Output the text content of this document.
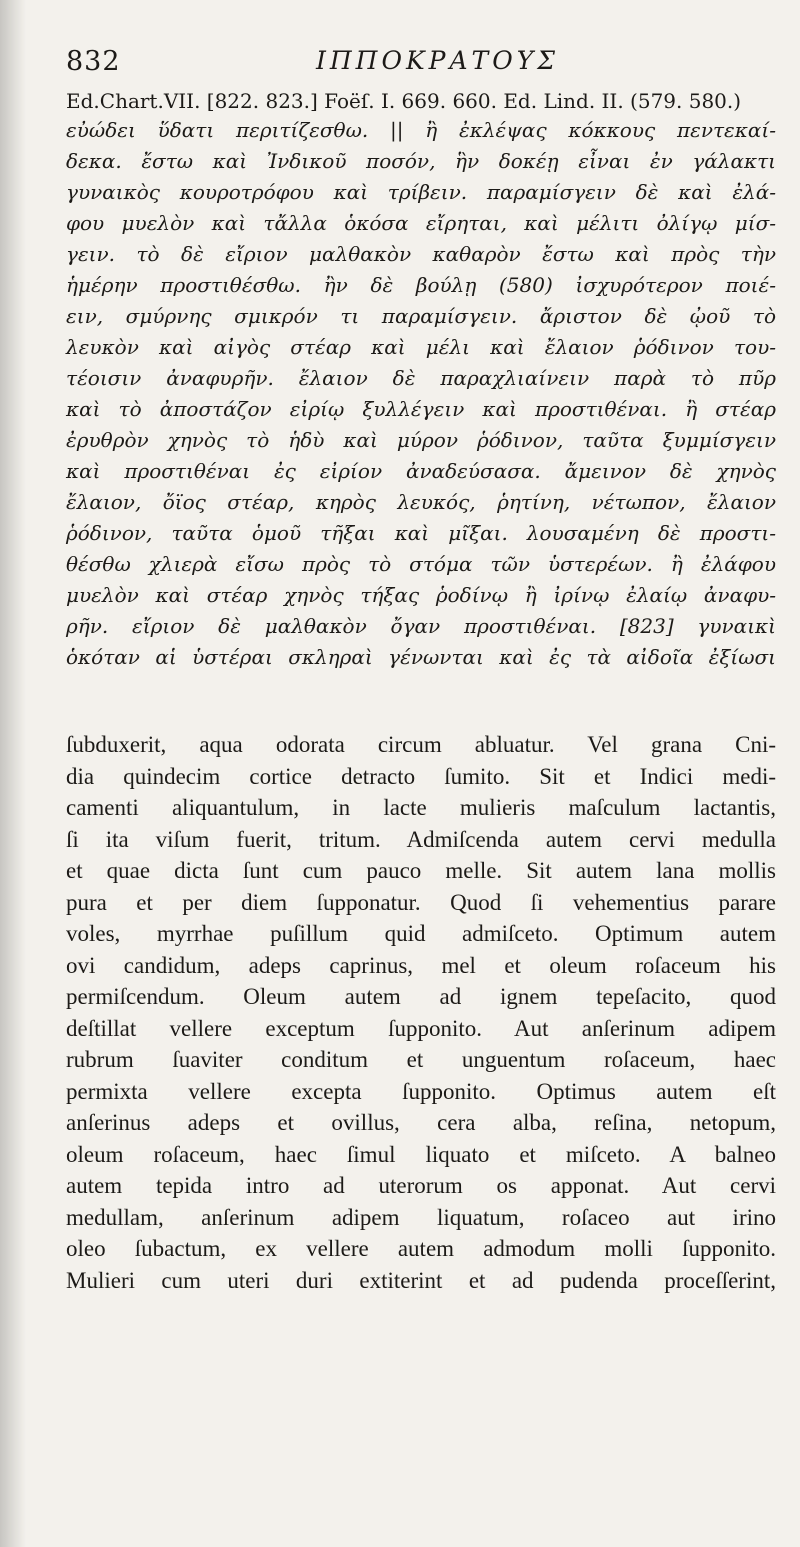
832	ΙΠΠΟΚΡΑΤΟΥΣ
Ed.Chart.VII. [822. 823.] Foëſ. I. 669. 660. Ed. Lind. II. (579. 580.)
εὐώδει ὕδατι περιτίζεσθω. || ἢ ἐκλέψας κόκκους πεντεκαί-
δεκα. ἔστω καὶ Ἰνδικοῦ ποσόν, ἣν δοκέῃ εἶναι ἐν γάλακτι
γυναικὸς κουροτρόφου καὶ τρίβειν. παραμίσγειν δὲ καὶ ἐλά-
φου μυελὸν καὶ τἄλλα ὁκόσα εἴρηται, καὶ μέλιτι ὀλίγῳ μίσ-
γειν. τὸ δὲ εἴριον μαλθακὸν καθαρὸν ἔστω καὶ πρὸς τὴν
ἡμέρην προστιθέσθω. ἢν δὲ βούλῃ (580) ἰσχυρότερον ποιέ-
ειν, σμύρνης σμικρόν τι παραμίσγειν. ἄριστον δὲ ᾠοῦ τὸ
λευκὸν καὶ αἰγὸς στέαρ καὶ μέλι καὶ ἔλαιον ῥόδινον του-
τέοισιν ἀναφυρῆν. ἔλαιον δὲ παραχλιαίνειν παρὰ τὸ πῦρ
καὶ τὸ ἀποστάζον εἰρίῳ ξυλλέγειν καὶ προστιθέναι. ἢ στέαρ
ἐρυθρὸν χηνὸς τὸ ἡδὺ καὶ μύρον ῥόδινον, ταῦτα ξυμμίσγειν
καὶ προστιθέναι ἐς εἰρίον ἀναδεύσασα. ἄμεινον δὲ χηνὸς
ἔλαιον, ὄϊος στέαρ, κηρὸς λευκός, ῥητίνη, νέτωπον, ἔλαιον
ῥόδινον, ταῦτα ὁμοῦ τῆξαι καὶ μῖξαι. λουσαμένη δὲ προστι-
θέσθω χλιερὰ εἴσω πρὸς τὸ στόμα τῶν ὑστερέων. ἢ ἐλάφου
μυελὸν καὶ στέαρ χηνὸς τήξας ῥοδίνῳ ἢ ἰρίνῳ ἐλαίῳ ἀναφυ-
ρῆν. εἴριον δὲ μαλθακὸν ὄγαν προστιθέναι. [823] γυναικὶ
ὁκόταν αἱ ὑστέραι σκληραὶ γένωνται καὶ ἐς τὰ αἰδοῖα ἐξίωσι
ſubduxerit, aqua odorata circum abluatur. Vel grana Cni-
dia quindecim cortice detracto ſumito. Sit et Indici medi-
camenti aliquantulum, in lacte mulieris maſculum lactantis,
ſi ita viſum fuerit, tritum. Admiſcenda autem cervi medulla
et quae dicta ſunt cum pauco melle. Sit autem lana mollis
pura et per diem ſupponatur. Quod ſi vehementius parare
voles, myrrhae puſillum quid admiſceto. Optimum autem
ovi candidum, adeps caprinus, mel et oleum roſaceum his
permiſcendum. Oleum autem ad ignem tepeſacito, quod
deſtillat vellere exceptum ſupponito. Aut anſerinum adipem
rubrum ſuaviter conditum et unguentum roſaceum, haec
permixta vellere excepta ſupponito. Optimus autem eſt
anſerinus adeps et ovillus, cera alba, reſina, netopum,
oleum roſaceum, haec ſimul liquato et miſceto. A balneo
autem tepida intro ad uterorum os apponat. Aut cervi
medullam, anſerinum adipem liquatum, roſaceo aut irino
oleo ſubactum, ex vellere autem admodum molli ſupponito.
Mulieri cum uteri duri extiterint et ad pudenda proceſſerint,
